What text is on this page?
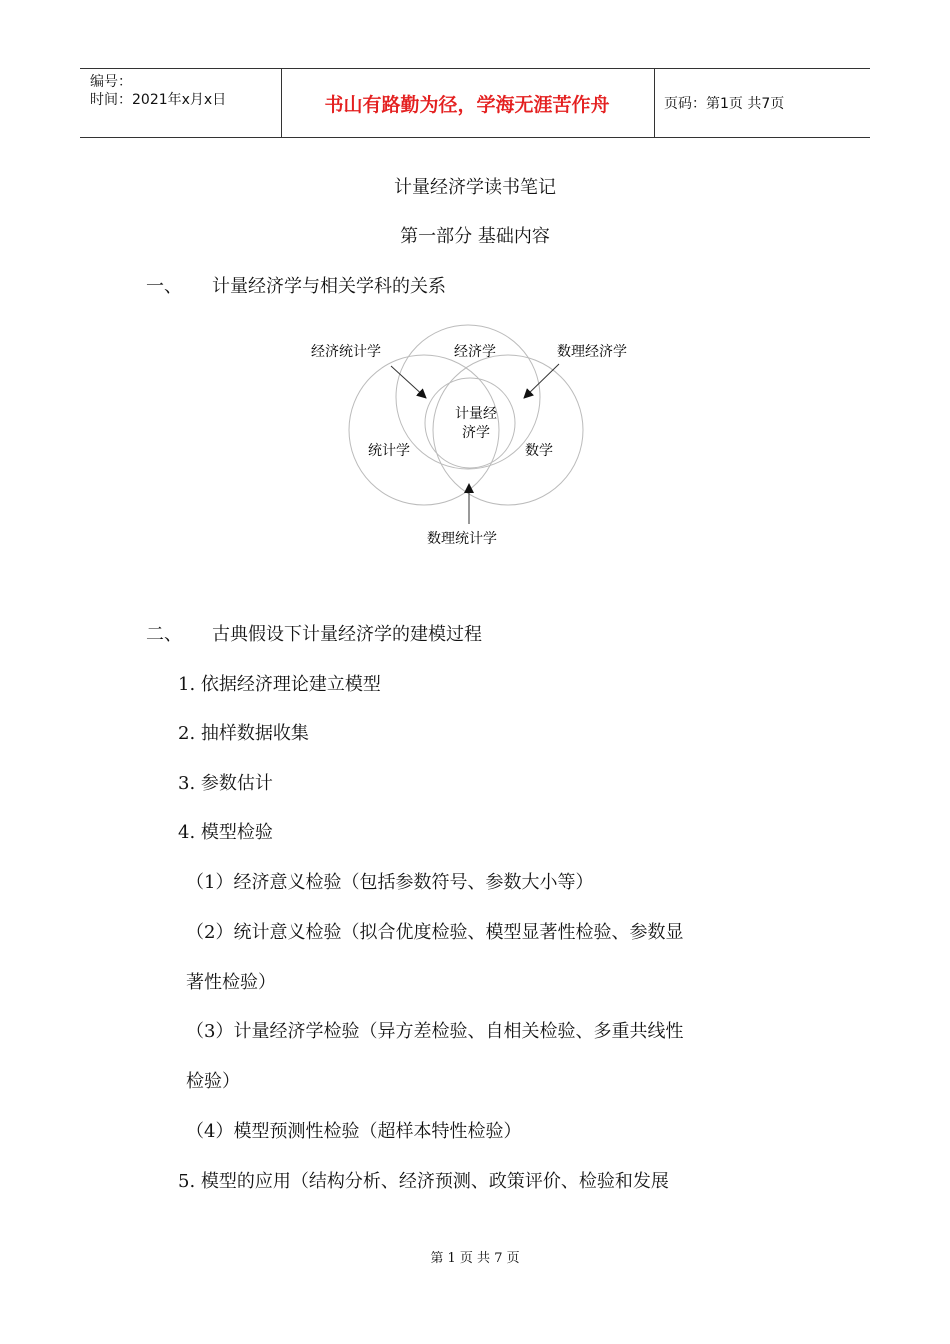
编号：
时间：2021年x月x日	书山有路勤为径，学海无涯苦作舟	页码：第1页 共7页
计量经济学读书笔记
第一部分 基础内容
一、 计量经济学与相关学科的关系
经济统计学	经济学	数理经济学
计量经
济学
统计学	数学
数理统计学
二、 古典假设下计量经济学的建模过程
1. 依据经济理论建立模型
2. 抽样数据收集
3. 参数估计
4. 模型检验
（1）经济意义检验（包括参数符号、参数大小等）
（2）统计意义检验（拟合优度检验、模型显著性检验、参数显
著性检验）
（3）计量经济学检验（异方差检验、自相关检验、多重共线性
检验）
（4）模型预测性检验（超样本特性检验）
5. 模型的应用（结构分析、经济预测、政策评价、检验和发展
第 1 页 共 7 页
